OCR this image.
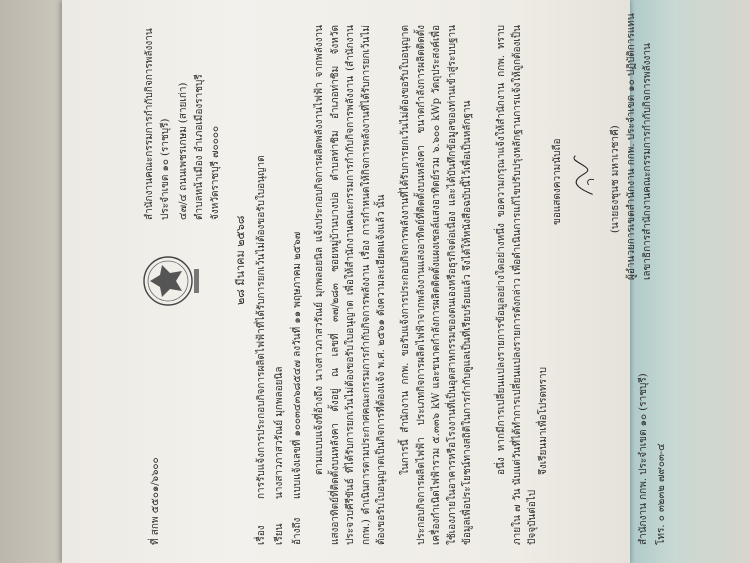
ที่ สกพ ๕๕๐๑/๖๖๐๐
สำนักงานคณะกรรมการกำกับกิจการพลังงาน ประจำเขต ๑๐ (ราชบุรี) ๔๗/๔ ถนนเพชรเกษม (สายเก่า) ตำบลหน้าเมือง อำเภอเมืองราชบุรี จังหวัดราชบุรี ๗๐๐๐๐
๒๘ มีนาคม ๒๕๖๘
เรื่องการรับแจ้งการประกอบกิจการผลิตไฟฟ้าที่ได้รับการยกเว้นไม่ต้องขอรับใบอนุญาต
เรียนนางสาวภาสวรัณย์ มุกพลอยนิล
อ้างถึงแบบแจ้งเลขที่ ๑๐๐๓๔๓๖๘๕๔๗ ลงวันที่ ๑๑ พฤษภาคม ๒๕๖๗ ตามแบบแจ้งที่อ้างถึง นางสาวภาสวรัณย์ มุกพลอยนิล แจ้งประกอบกิจการผลิตพลังงานไฟฟ้า จากพลังงานแสงอาทิตย์ที่ติดตั้งบนหลังคา ตั้งอยู่ ณ เลขที่ ๓๗/๒๘๓ ซอยหมู่บ้านบางบ่อ ตำบลท่าชิม อำเภอท่าชิม จังหวัดประจวบคีรีขันธ์ ที่ได้รับการยกเว้นไม่ต้องขอรับใบอนุญาต เพื่อให้สำนักงานคณะกรรมการกำกับกิจการพลังงาน (สำนักงาน กกพ.) ดำเนินการตามประกาศคณะกรรมการกำกับกิจการพลังงาน เรื่อง การกำหนดให้กิจการพลังงานที่ได้รับการยกเว้นไม่ต้องขอรับใบอนุญาตเป็นกิจการที่ต้องแจ้ง พ.ศ. ๒๕๖๑ ดังความละเอียดแจ้งแล้ว นั้น ในการนี้ สำนักงาน กกพ. ขอรับแจ้งการประกอบกิจการพลังงานที่ได้รับการยกเว้นไม่ต้องขอรับใบอนุญาตประกอบกิจการผลิตไฟฟ้า ประเภทกิจการผลิตไฟฟ้าจากพลังงานแสงอาทิตย์ที่ติดตั้งบนหลังคา ขนาดกำลังการผลิตติดตั้งเครื่องกำเนิดไฟฟ้ารวม ๕.๓๓๖ kW และขนาดกำลังการผลิตติดตั้งแผงเซลล์แสงอาทิตย์รวม ๖.๖๐๐ kWp วัตถุประสงค์เพื่อใช้เองภายในอาคารหรือโรงงานที่เป็นอุตสาหกรรมของตนเองหรือธุรกิจต่อเนื่อง และได้บันทึกข้อมูลของท่านเข้าสู่ระบบฐานข้อมูลเพื่อประโยชน์ทางสถิติในการกำกับดูแลเป็นที่เรียบร้อยแล้ว จึงได้ให้หนังสือฉบับนี้ไว้เพื่อเป็นหลักฐาน อนึ่ง หากมีการเปลี่ยนแปลงรายการข้อมูลอย่างใดอย่างหนึ่ง ขอความกรุณาแจ้งให้สำนักงาน กกพ. ทราบภายใน ๗ วัน นับแต่วันที่ได้ทำการเปลี่ยนแปลงรายการดังกล่าว เพื่อดำเนินการแก้ไขปรับปรุงหลักฐานการแจ้งให้ถูกต้องเป็นปัจจุบันต่อไป
จึงเรียนมาเพื่อโปรดทราบ
ขอแสดงความนับถือ	(นายธงชุนช มหาเวชาคี) ผู้อำนวยการเขตสำนักงาน กกพ. ประจำเขต ๑๐ ปฏิบัติการแทน เลขาธิการสำนักงานคณะกรรมการกำกับกิจการพลังงาน
สำนักงาน กกพ. ประจำเขต ๑๐ (ราชบุรี) โทร. ๐ ๓๒๓๒ ๗๙๐๓-๔
